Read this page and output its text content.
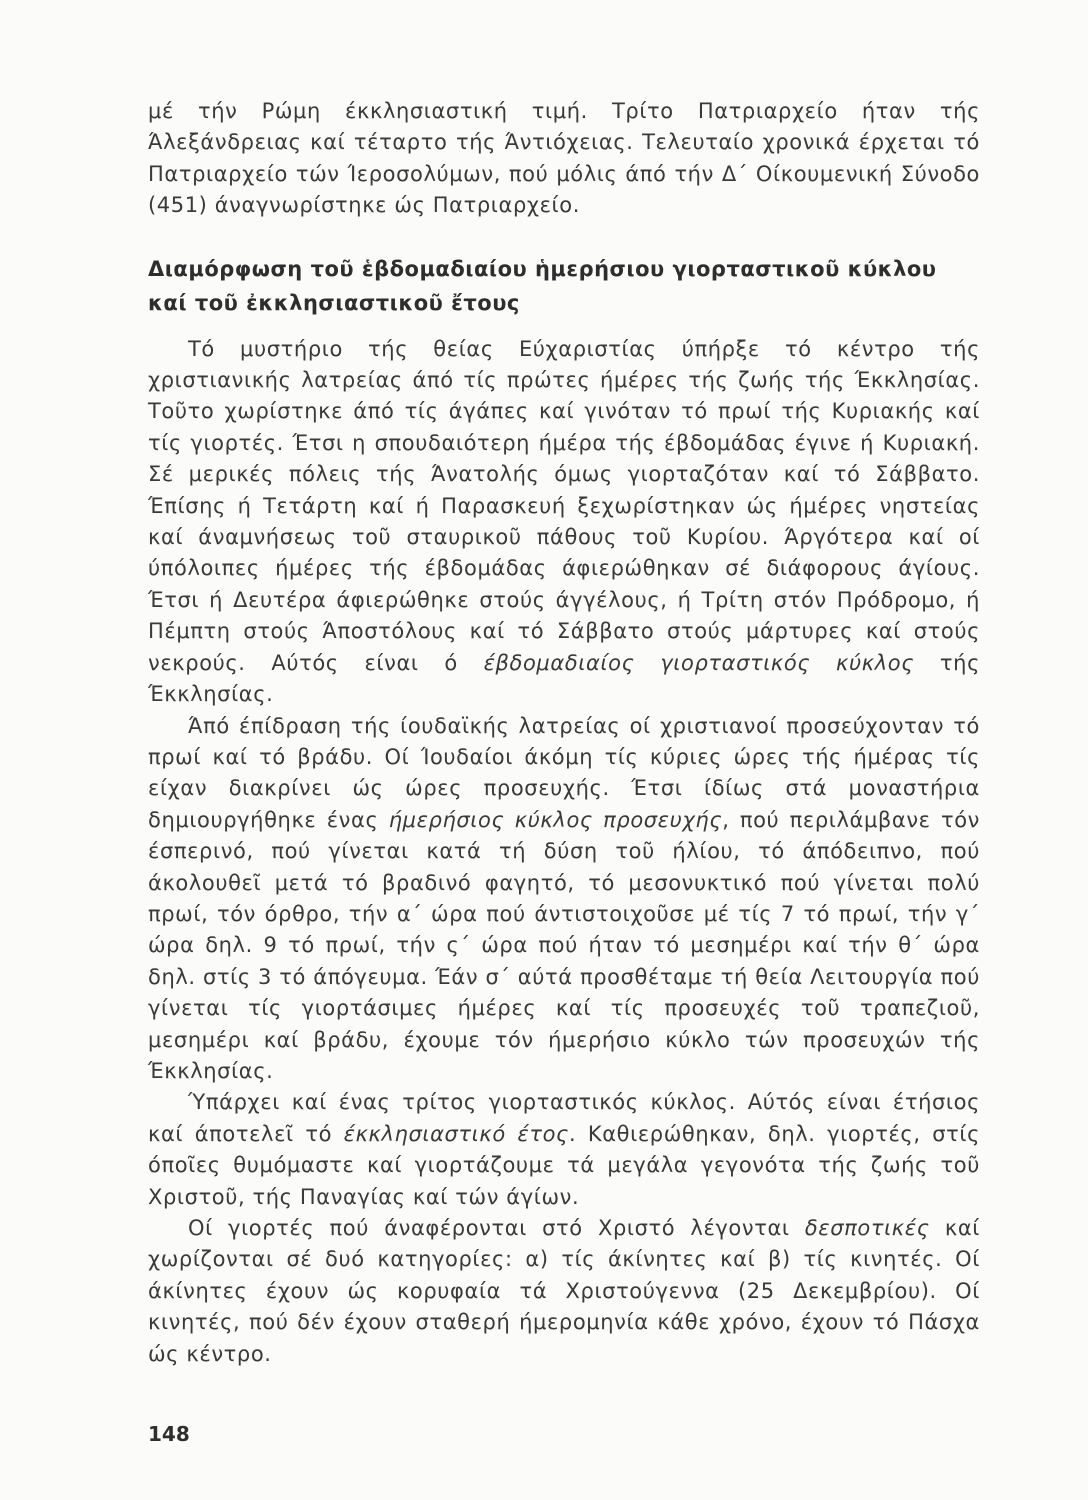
μέ τήν Ρώμη έκκλησιαστική τιμή. Τρίτο Πατριαρχείο ήταν τής Άλεξάνδρειας καί τέταρτο τής Άντιόχειας. Τελευταίο χρονικά έρχεται τό Πατριαρχείο τών Ίεροσολύμων, πού μόλις άπό τήν Δ΄ Οίκουμενική Σύνοδο (451) άναγνωρίστηκε ώς Πατριαρχείο.

Διαμόρφωση τοῦ ἑβδομαδιαίου ἡμερήσιου γιορταστικοῦ κύκλου καί τοῦ ἐκκλησιαστικοῦ ἔτους

Τό μυστήριο τής θείας Εύχαριστίας ύπήρξε τό κέντρο τής χριστιανικής λατρείας άπό τίς πρώτες ήμέρες τής ζωής τής Έκκλησίας. Τοῦτο χωρίστηκε άπό τίς άγάπες καί γινόταν τό πρωί τής Κυριακής καί τίς γιορτές. Έτσι η σπουδαιότερη ήμέρα τής έβδομάδας έγινε ή Κυριακή. Σέ μερικές πόλεις τής Άνατολής όμως γιορταζόταν καί τό Σάββατο. Έπίσης ή Τετάρτη καί ή Παρασκευή ξεχωρίστηκαν ώς ήμέρες νηστείας καί άναμνήσεως τοῦ σταυρικοῦ πάθους τοῦ Κυρίου. Άργότερα καί οί ύπόλοιπες ήμέρες τής έβδομάδας άφιερώθηκαν σέ διάφορους άγίους. Έτσι ή Δευτέρα άφιερώθηκε στούς άγγέλους, ή Τρίτη στόν Πρόδρομο, ή Πέμπτη στούς Άποστόλους καί τό Σάββατο στούς μάρτυρες καί στούς νεκρούς. Αύτός είναι ό έβδομαδιαίος γιορταστικός κύκλος τής Έκκλησίας.

Άπό έπίδραση τής ίουδαϊκής λατρείας οί χριστιανοί προσεύχονταν τό πρωί καί τό βράδυ. Οί Ίουδαίοι άκόμη τίς κύριες ώρες τής ήμέρας τίς είχαν διακρίνει ώς ώρες προσευχής. Έτσι ίδίως στά μοναστήρια δημιουργήθηκε ένας ήμερήσιος κύκλος προσευχής, πού περιλάμβανε τόν έσπερινό, πού γίνεται κατά τή δύση τοῦ ήλίου, τό άπόδειπνο, πού άκολουθεῖ μετά τό βραδινό φαγητό, τό μεσονυκτικό πού γίνεται πολύ πρωί, τόν όρθρο, τήν α΄ ώρα πού άντιστοιχοῦσε μέ τίς 7 τό πρωί, τήν γ΄ ώρα δηλ. 9 τό πρωί, τήν ς΄ ώρα πού ήταν τό μεσημέρι καί τήν θ΄ ώρα δηλ. στίς 3 τό άπόγευμα. Έάν σ΄ αύτά προσθέταμε τή θεία Λειτουργία πού γίνεται τίς γιορτάσιμες ήμέρες καί τίς προσευχές τοῦ τραπεζιοῦ, μεσημέρι καί βράδυ, έχουμε τόν ήμερήσιο κύκλο τών προσευχών τής Έκκλησίας.

Ύπάρχει καί ένας τρίτος γιορταστικός κύκλος. Αύτός είναι έτήσιος καί άποτελεῖ τό έκκλησιαστικό έτος. Καθιερώθηκαν, δηλ. γιορτές, στίς όποῖες θυμόμαστε καί γιορτάζουμε τά μεγάλα γεγονότα τής ζωής τοῦ Χριστοῦ, τής Παναγίας καί τών άγίων.

Οί γιορτές πού άναφέρονται στό Χριστό λέγονται δεσποτικές καί χωρίζονται σέ δυό κατηγορίες: α) τίς άκίνητες καί β) τίς κινητές. Οί άκίνητες έχουν ώς κορυφαία τά Χριστούγεννα (25 Δεκεμβρίου). Οί κινητές, πού δέν έχουν σταθερή ήμερομηνία κάθε χρόνο, έχουν τό Πάσχα ώς κέντρο.

148
